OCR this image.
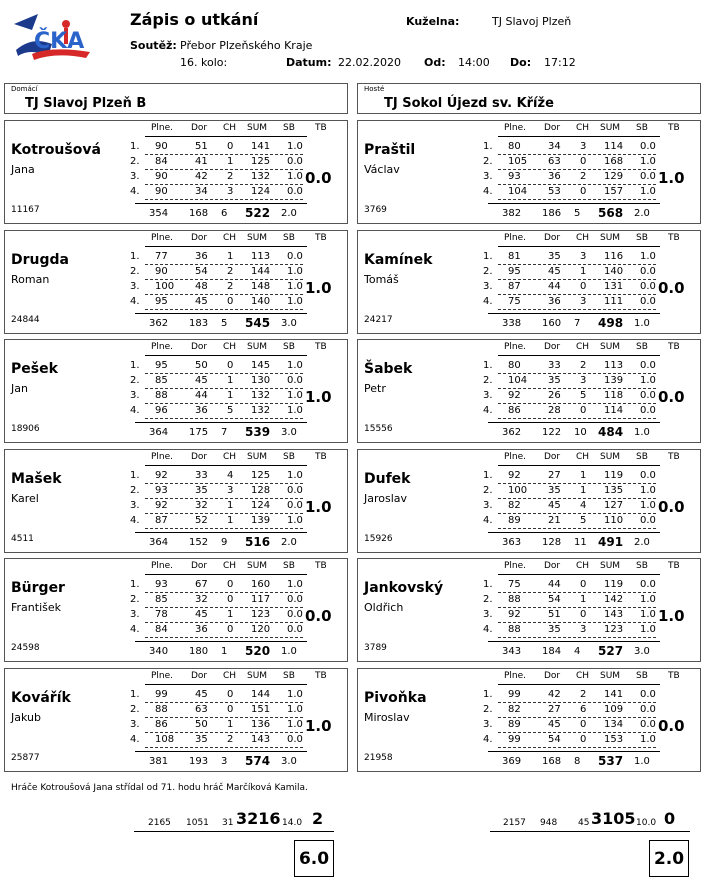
ČKA
Zápis o utkání	Kuželna:	TJ Slavoj Plzeň
Soutěž: Přebor Plzeňského Kraje
16. kolo:	Datum: 22.02.2020 Od: 14:00 Do: 17:12
Domácí
TJ Slavoj Plzeň B
Hosté
TJ Sokol Újezd sv. Kříže
Plne. Dor CH SUM SB TB
Kotroušová
Jana
11167
0.0
1. 90	51 0 141 1.0
2. 84	41 1 125 0.0
3. 90	42 2 132 1.0
4. 90	34 3 124 0.0
354 168 6 522 2.0
Plne. Dor CH SUM SB TB
Drugda
Roman
24844
1.0
1. 77	36 1 113 0.0
2. 90	54 2 144 1.0
3. 100 48 2 148 1.0
4. 95	45 0 140 1.0
362 183 5 545 3.0
Plne. Dor CH SUM SB TB
Pešek
Jan
18906
1.0
1. 95	50 0 145 1.0
2. 85	45 1 130 0.0
3. 88	44 1 132 1.0
4. 96	36 5 132 1.0
364 175 7 539 3.0
Plne. Dor CH SUM SB TB
Mašek
Karel
4511
1.0
1. 92	33 4 125 1.0
2. 93	35 3 128 0.0
3. 92	32 1 124 0.0
4. 87	52 1 139 1.0
364 152 9 516 2.0
Plne. Dor CH SUM SB TB
Bürger
František
24598
0.0
1. 93	67 0 160 1.0
2. 85	32 0 117 0.0
3. 78	45 1 123 0.0
4. 84	36 0 120 0.0
340 180 1 520 1.0
Plne. Dor CH SUM SB TB
Kovářík
Jakub
25877
1.0
1. 99	45 0 144 1.0
2. 88	63 0 151 1.0
3. 86	50 1 136 1.0
4. 108 35 2 143 0.0
381 193 3 574 3.0
Plne. Dor CH SUM SB TB
Praštil
Václav
3769
1.0
1. 80	34 3 114 0.0
2. 105 63 0 168 1.0
3. 93	36 2 129 0.0
4. 104 53 0 157 1.0
382 186 5 568 2.0
Plne. Dor CH SUM SB TB
Kamínek
Tomáš
24217
0.0
1. 81	35 3 116 1.0
2. 95	45 1 140 0.0
3. 87	44 0 131 0.0
4. 75	36 3 111 0.0
338 160 7 498 1.0
Plne. Dor CH SUM SB TB
Šabek
Petr
15556
0.0
1. 80	33 2 113 0.0
2. 104 35 3 139 1.0
3. 92	26 5 118 0.0
4. 86	28 0 114 0.0
362 122 10 484 1.0
Plne. Dor CH SUM SB TB
Dufek
Jaroslav
15926
0.0
1. 92	27 1 119 0.0
2. 100 35 1 135 1.0
3. 82	45 4 127 1.0
4. 89	21 5 110 0.0
363 128 11 491 2.0
Plne. Dor CH SUM SB TB
Jankovský
Oldřich
3789
1.0
1. 75	44 0 119 0.0
2. 88	54 1 142 1.0
3. 92	51 0 143 1.0
4. 88	35 3 123 1.0
343 184 4 527 3.0
Plne. Dor CH SUM SB TB
Pivoňka
Miroslav
21958
0.0
1. 99	42 2 141 0.0
2. 82	27 6 109 0.0
3. 89	45 0 134 0.0
4. 99	54 0 153 1.0
369 168 8 537 1.0
Hráče Kotroušová Jana střídal od 71. hodu hráč Marčíková Kamila.
2165 1051 31 3216 14.0 2	2157 948 45 3105 10.0 0
6.0	2.0
